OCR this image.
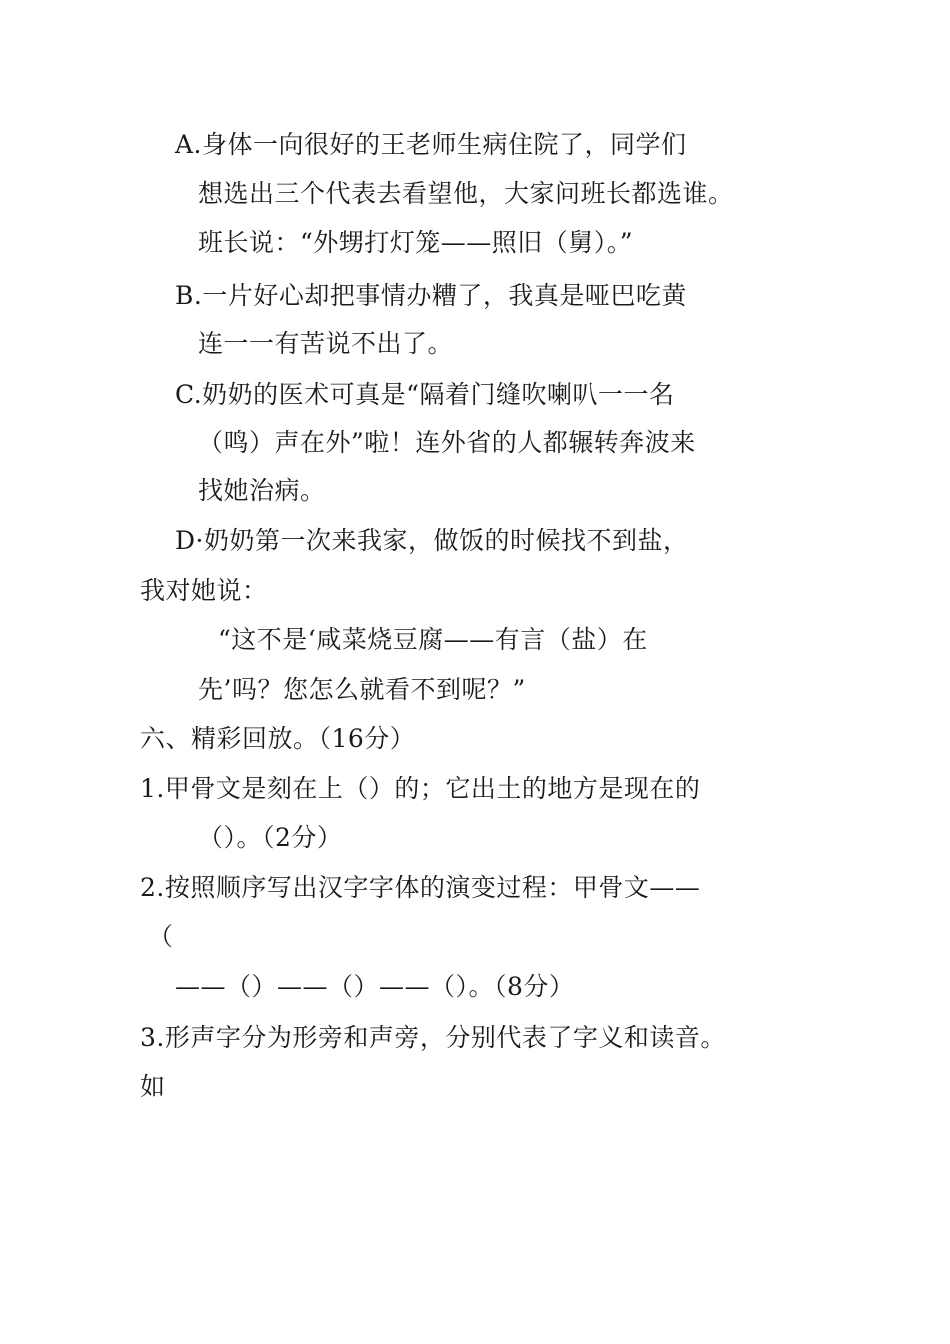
A.身体一向很好的王老师生病住院了，同学们
想选出三个代表去看望他，大家问班长都选谁。
班长说：“外甥打灯笼——照旧（舅）。”
B.一片好心却把事情办糟了，我真是哑巴吃黄
连一一有苦说不出了。
C.奶奶的医术可真是“隔着门缝吹喇叭一一名
（鸣）声在外”啦！连外省的人都辗转奔波来
找她治病。
D·奶奶第一次来我家，做饭的时候找不到盐，
我对她说：
“这不是‘咸菜烧豆腐——有言（盐）在
先’吗？您怎么就看不到呢？”
六、精彩回放。（16分）
1.甲骨文是刻在上（）的；它出土的地方是现在的
（）。（2分）
2.按照顺序写出汉字字体的演变过程：甲骨文——
（
——（）——（）——（）。（8分）
3.形声字分为形旁和声旁，分别代表了字义和读音。
如
